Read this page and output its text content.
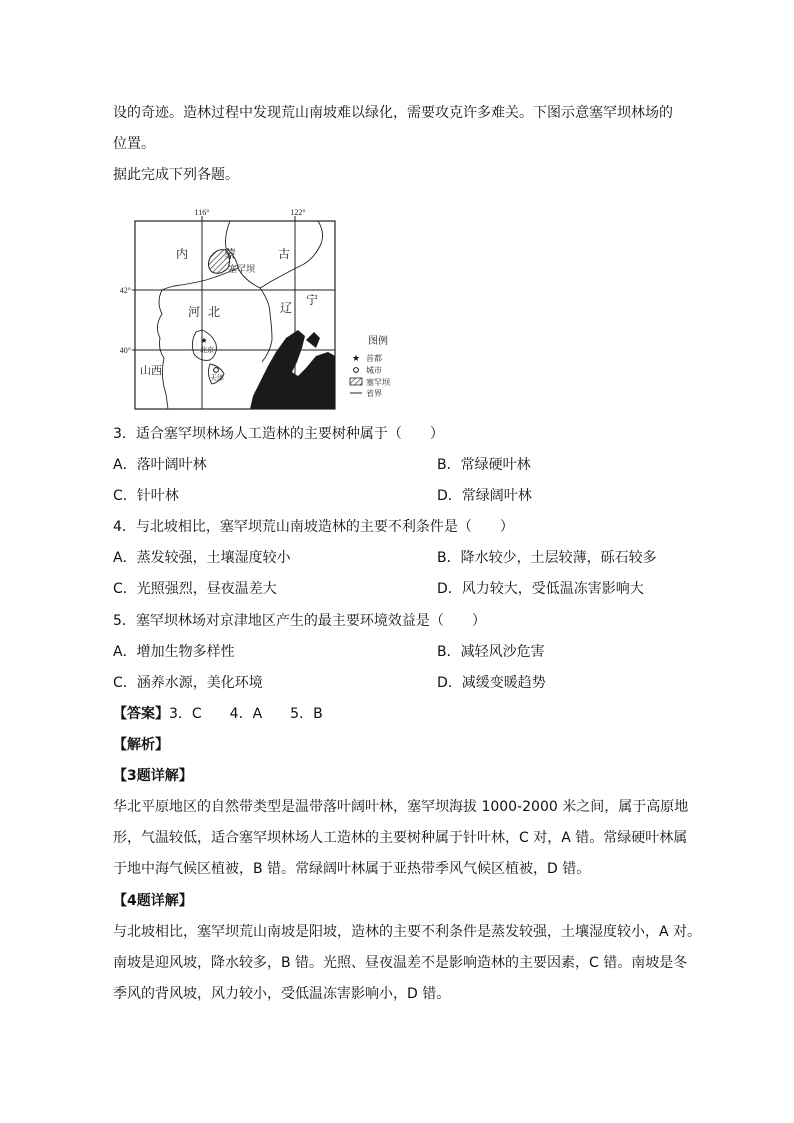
设的奇迹。造林过程中发现荒山南坡难以绿化，需要攻克许多难关。下图示意塞罕坝林场的
位置。
据此完成下列各题。
★
116°	122°
42°
40°
内	蒙	古
塞罕坝
河 北	辽
宁
北京
天津
山西
图例
★ 首都
城市
塞罕坝
省界
3．适合塞罕坝林场人工造林的主要树种属于（　　）
A．落叶阔叶林	B．常绿硬叶林
C．针叶林	D．常绿阔叶林
4．与北坡相比，塞罕坝荒山南坡造林的主要不利条件是（　　）
A．蒸发较强，土壤湿度较小	B．降水较少，土层较薄，砾石较多
C．光照强烈，昼夜温差大	D．风力较大，受低温冻害影响大
5．塞罕坝林场对京津地区产生的最主要环境效益是（　　）
A．增加生物多样性	B．减轻风沙危害
C．涵养水源，美化环境	D．减缓变暖趋势
【答案】3．C　　4．A　　5．B
【解析】
【3题详解】
华北平原地区的自然带类型是温带落叶阔叶林，塞罕坝海拔 1000-2000 米之间，属于高原地
形，气温较低，适合塞罕坝林场人工造林的主要树种属于针叶林，C 对，A 错。常绿硬叶林属
于地中海气候区植被，B 错。常绿阔叶林属于亚热带季风气候区植被，D 错。
【4题详解】
与北坡相比，塞罕坝荒山南坡是阳坡，造林的主要不利条件是蒸发较强，土壤湿度较小，A 对。
南坡是迎风坡，降水较多，B 错。光照、昼夜温差不是影响造林的主要因素，C 错。南坡是冬
季风的背风坡，风力较小，受低温冻害影响小，D 错。
